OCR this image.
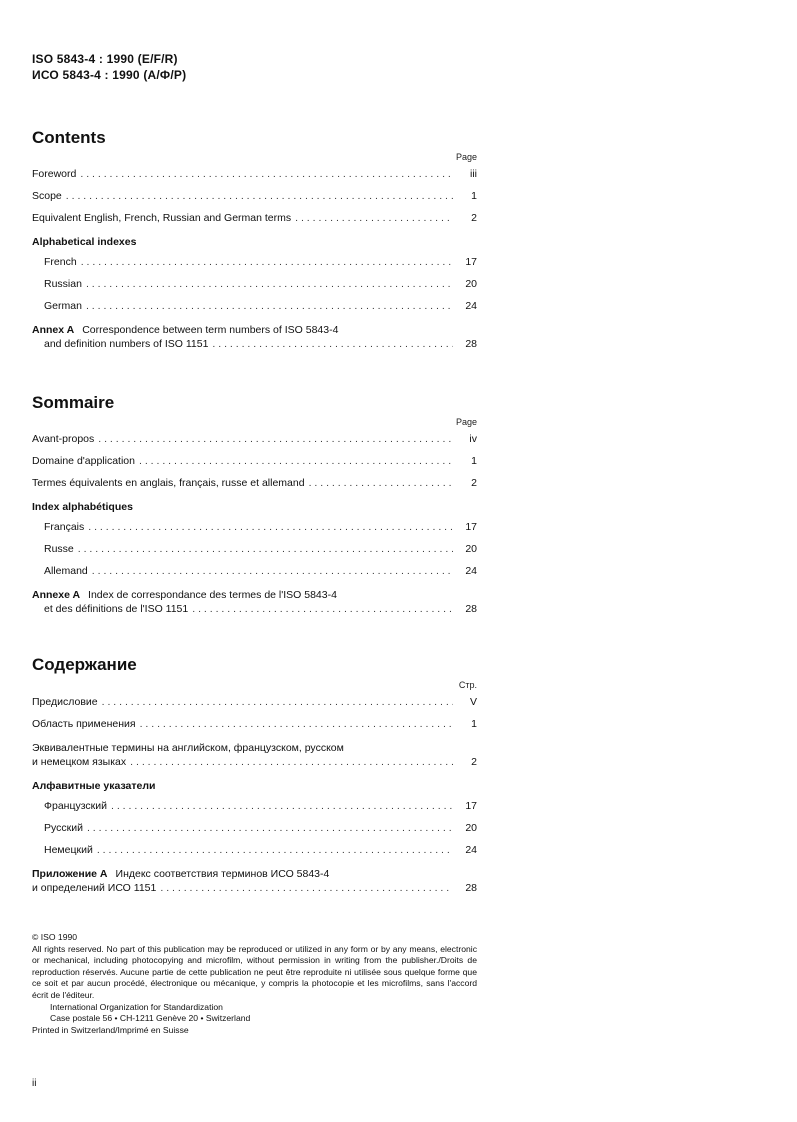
ISO 5843-4 : 1990 (E/F/R)
ИСО 5843-4 : 1990 (А/Ф/Р)
Contents
Page
Foreword . . .	iii
Scope . . .	1
Equivalent English, French, Russian and German terms . . .	2
Alphabetical indexes
French . . .	17
Russian . . .	20
German . . .	24
Annex A Correspondence between term numbers of ISO 5843-4
and definition numbers of ISO 1151 . . .	28
Sommaire
Page
Avant-propos . . .	iv
Domaine d'application . . .	1
Termes équivalents en anglais, français, russe et allemand . . .	2
Index alphabétiques
Français . . .	17
Russe . . .	20
Allemand . . .	24
Annexe A Index de correspondance des termes de l'ISO 5843-4
et des définitions de l'ISO 1151 . . .	28
Содержание
Стр.
Предисловие . . .	V
Область применения . . .	1
Эквивалентные термины на английском, французском, русском
и немецком языках . . .	2
Алфавитные указатели
Французский . . .	17
Русский . . .	20
Немецкий . . .	24
Приложение А Индекс соответствия терминов ИСО 5843-4
и определений ИСО 1151 . . .	28

© ISO 1990

All rights reserved. No part of this publication may be reproduced or utilized in any form or by any means, electronic or mechanical, including photocopying and microfilm, without permission in writing from the publisher./Droits de reproduction réservés. Aucune partie de cette publication ne peut être reproduite ni utilisée sous quelque forme que ce soit et par aucun procédé, électronique ou mécanique, y compris la photocopie et les microfilms, sans l'accord écrit de l'éditeur.

International Organization for Standardization

Case postale 56 • CH-1211 Genève 20 • Switzerland

Printed in Switzerland/Imprimé en Suisse

ii
